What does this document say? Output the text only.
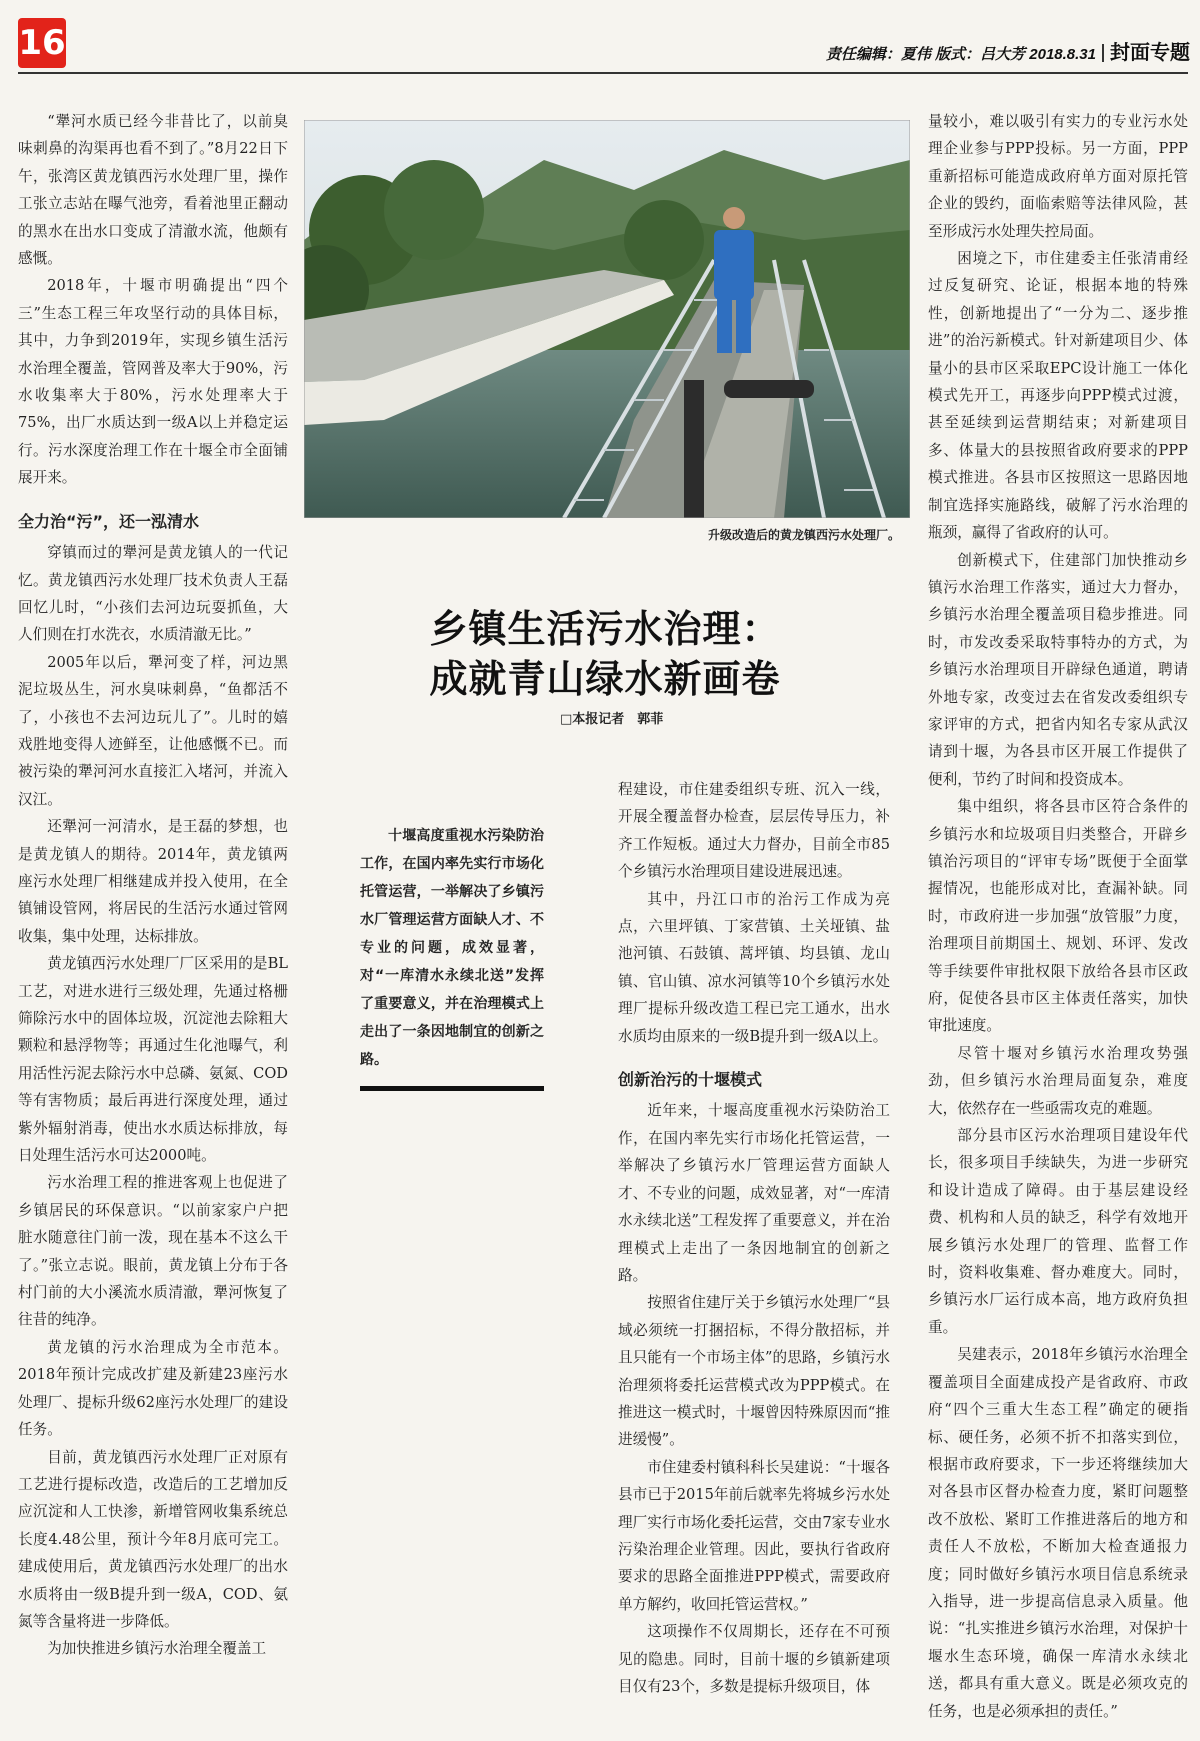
16	责任编辑：夏伟 版式：吕大芳 2018.8.31 封面专题

“犟河水质已经今非昔比了，以前臭味刺鼻的沟渠再也看不到了。”8月22日下午，张湾区黄龙镇西污水处理厂里，操作工张立志站在曝气池旁，看着池里正翻动的黑水在出水口变成了清澈水流，他颇有感慨。

2018年，十堰市明确提出“四个三”生态工程三年攻坚行动的具体目标，其中，力争到2019年，实现乡镇生活污水治理全覆盖，管网普及率大于90%，污水收集率大于80%，污水处理率大于75%，出厂水质达到一级A以上并稳定运行。污水深度治理工作在十堰全市全面铺展开来。

全力治“污”，还一泓清水

穿镇而过的犟河是黄龙镇人的一代记忆。黄龙镇西污水处理厂技术负责人王磊回忆儿时，“小孩们去河边玩耍抓鱼，大人们则在打水洗衣，水质清澈无比。”

2005年以后，犟河变了样，河边黑泥垃圾丛生，河水臭味刺鼻，“鱼都活不了，小孩也不去河边玩儿了”。儿时的嬉戏胜地变得人迹鲜至，让他感慨不已。而被污染的犟河河水直接汇入堵河，并流入汉江。

还犟河一河清水，是王磊的梦想，也是黄龙镇人的期待。2014年，黄龙镇两座污水处理厂相继建成并投入使用，在全镇铺设管网，将居民的生活污水通过管网收集，集中处理，达标排放。

黄龙镇西污水处理厂厂区采用的是BL工艺，对进水进行三级处理，先通过格栅筛除污水中的固体垃圾，沉淀池去除粗大颗粒和悬浮物等；再通过生化池曝气，利用活性污泥去除污水中总磷、氨氮、COD等有害物质；最后再进行深度处理，通过紫外辐射消毒，使出水水质达标排放，每日处理生活污水可达2000吨。

污水治理工程的推进客观上也促进了乡镇居民的环保意识。“以前家家户户把脏水随意往门前一泼，现在基本不这么干了。”张立志说。眼前，黄龙镇上分布于各村门前的大小溪流水质清澈，犟河恢复了往昔的纯净。

黄龙镇的污水治理成为全市范本。2018年预计完成改扩建及新建23座污水处理厂、提标升级62座污水处理厂的建设任务。

目前，黄龙镇西污水处理厂正对原有工艺进行提标改造，改造后的工艺增加反应沉淀和人工快渗，新增管网收集系统总长度4.48公里，预计今年8月底可完工。建成使用后，黄龙镇西污水处理厂的出水水质将由一级B提升到一级A，COD、氨氮等含量将进一步降低。

为加快推进乡镇污水治理全覆盖工

升级改造后的黄龙镇西污水处理厂。
乡镇生活污水治理：
成就青山绿水新画卷
□本报记者　郭菲
十堰高度重视水污染防治工作，在国内率先实行市场化托管运营，一举解决了乡镇污水厂管理运营方面缺人才、不专业的问题，成效显著，对“一库清水永续北送”发挥了重要意义，并在治理模式上走出了一条因地制宜的创新之路。

程建设，市住建委组织专班、沉入一线，开展全覆盖督办检查，层层传导压力，补齐工作短板。通过大力督办，目前全市85个乡镇污水治理项目建设进展迅速。

其中，丹江口市的治污工作成为亮点，六里坪镇、丁家营镇、土关垭镇、盐池河镇、石鼓镇、蒿坪镇、均县镇、龙山镇、官山镇、凉水河镇等10个乡镇污水处理厂提标升级改造工程已完工通水，出水水质均由原来的一级B提升到一级A以上。

创新治污的十堰模式

近年来，十堰高度重视水污染防治工作，在国内率先实行市场化托管运营，一举解决了乡镇污水厂管理运营方面缺人才、不专业的问题，成效显著，对“一库清水永续北送”工程发挥了重要意义，并在治理模式上走出了一条因地制宜的创新之路。

按照省住建厅关于乡镇污水处理厂“县域必须统一打捆招标，不得分散招标，并且只能有一个市场主体”的思路，乡镇污水治理须将委托运营模式改为PPP模式。在推进这一模式时，十堰曾因特殊原因而“推进缓慢”。

市住建委村镇科科长吴建说：“十堰各县市已于2015年前后就率先将城乡污水处理厂实行市场化委托运营，交由7家专业水污染治理企业管理。因此，要执行省政府要求的思路全面推进PPP模式，需要政府单方解约，收回托管运营权。”

这项操作不仅周期长，还存在不可预见的隐患。同时，目前十堰的乡镇新建项目仅有23个，多数是提标升级项目，体

量较小，难以吸引有实力的专业污水处理企业参与PPP投标。另一方面，PPP重新招标可能造成政府单方面对原托管企业的毁约，面临索赔等法律风险，甚至形成污水处理失控局面。

困境之下，市住建委主任张清甫经过反复研究、论证，根据本地的特殊性，创新地提出了“一分为二、逐步推进”的治污新模式。针对新建项目少、体量小的县市区采取EPC设计施工一体化模式先开工，再逐步向PPP模式过渡，甚至延续到运营期结束；对新建项目多、体量大的县按照省政府要求的PPP模式推进。各县市区按照这一思路因地制宜选择实施路线，破解了污水治理的瓶颈，赢得了省政府的认可。

创新模式下，住建部门加快推动乡镇污水治理工作落实，通过大力督办，乡镇污水治理全覆盖项目稳步推进。同时，市发改委采取特事特办的方式，为乡镇污水治理项目开辟绿色通道，聘请外地专家，改变过去在省发改委组织专家评审的方式，把省内知名专家从武汉请到十堰，为各县市区开展工作提供了便利，节约了时间和投资成本。

集中组织，将各县市区符合条件的乡镇污水和垃圾项目归类整合，开辟乡镇治污项目的“评审专场”既便于全面掌握情况，也能形成对比，查漏补缺。同时，市政府进一步加强“放管服”力度，治理项目前期国土、规划、环评、发改等手续要件审批权限下放给各县市区政府，促使各县市区主体责任落实，加快审批速度。

尽管十堰对乡镇污水治理攻势强劲，但乡镇污水治理局面复杂，难度大，依然存在一些亟需攻克的难题。

部分县市区污水治理项目建设年代长，很多项目手续缺失，为进一步研究和设计造成了障碍。由于基层建设经费、机构和人员的缺乏，科学有效地开展乡镇污水处理厂的管理、监督工作时，资料收集难、督办难度大。同时，乡镇污水厂运行成本高，地方政府负担重。

吴建表示，2018年乡镇污水治理全覆盖项目全面建成投产是省政府、市政府“四个三重大生态工程”确定的硬指标、硬任务，必须不折不扣落实到位，根据市政府要求，下一步还将继续加大对各县市区督办检查力度，紧盯问题整改不放松、紧盯工作推进落后的地方和责任人不放松，不断加大检查通报力度；同时做好乡镇污水项目信息系统录入指导，进一步提高信息录入质量。他说：“扎实推进乡镇污水治理，对保护十堰水生态环境，确保一库清水永续北送，都具有重大意义。既是必须攻克的任务，也是必须承担的责任。”
